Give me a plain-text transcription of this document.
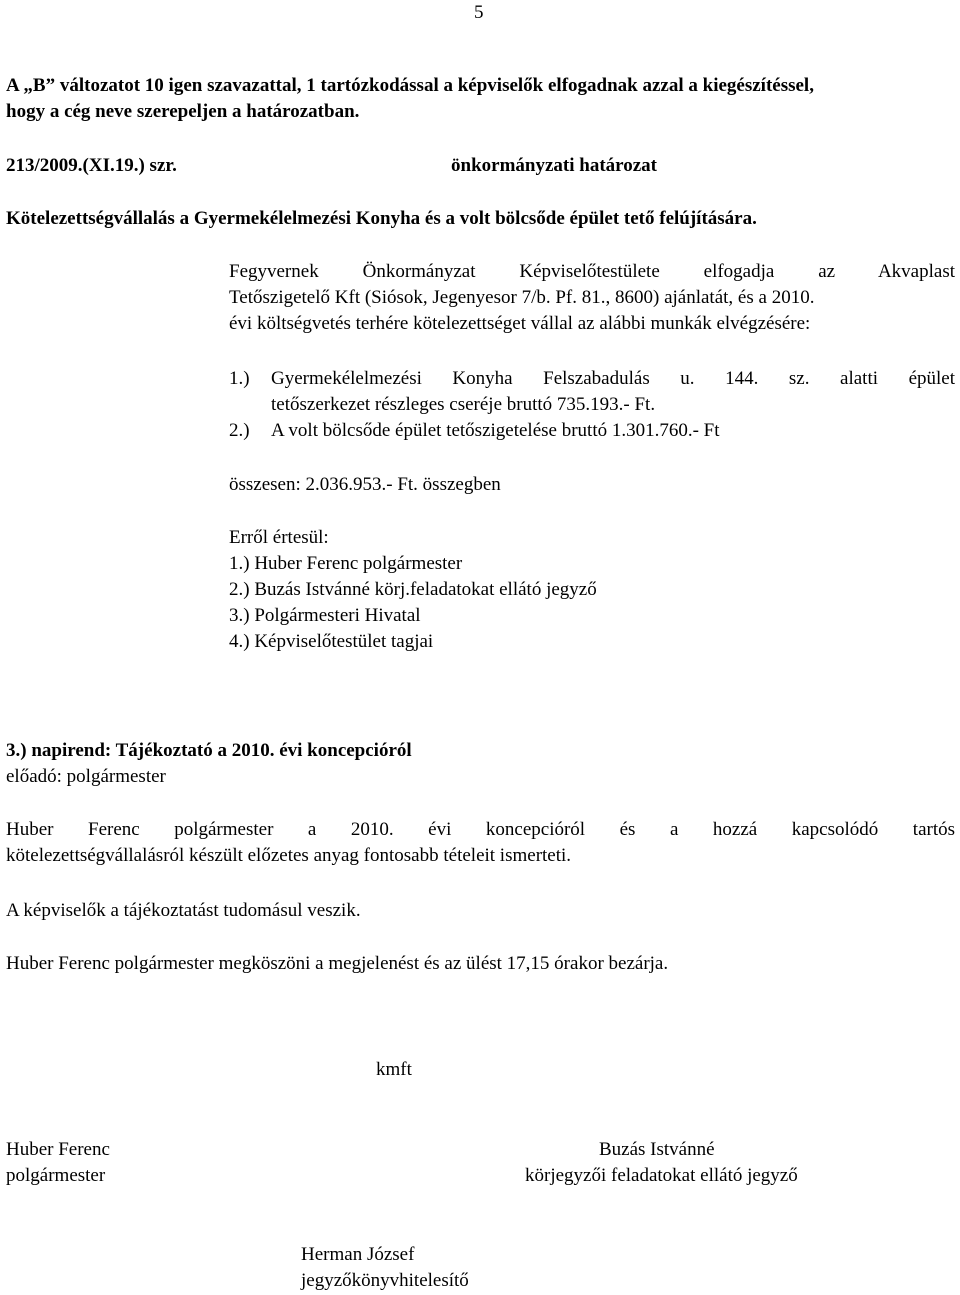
5
A „B” változatot 10 igen szavazattal, 1 tartózkodással a képviselők elfogadnak azzal a kiegészítéssel,
hogy a cég neve szerepeljen a határozatban.
213/2009.(XI.19.) szr.	önkormányzati határozat
Kötelezettségvállalás a Gyermekélelmezési Konyha és a volt bölcsőde épület tető felújítására.
Fegyvernek Önkormányzat Képviselőtestülete elfogadja az Akvaplast
Tetőszigetelő Kft (Siósok, Jegenyesor 7/b. Pf. 81., 8600) ajánlatát, és a 2010.
évi költségvetés terhére kötelezettséget vállal az alábbi munkák elvégzésére:
1.) Gyermekélelmezési Konyha Felszabadulás u. 144. sz. alatti épület
tetőszerkezet részleges cseréje bruttó 735.193.- Ft.
2.) A volt bölcsőde épület tetőszigetelése bruttó 1.301.760.- Ft
összesen: 2.036.953.- Ft. összegben
Erről értesül:
1.) Huber Ferenc polgármester
2.) Buzás Istvánné körj.feladatokat ellátó jegyző
3.) Polgármesteri Hivatal
4.) Képviselőtestület tagjai
3.) napirend: Tájékoztató a 2010. évi koncepcióról
előadó: polgármester
Huber Ferenc polgármester a 2010. évi koncepcióról és a hozzá kapcsolódó tartós
kötelezettségvállalásról készült előzetes anyag fontosabb tételeit ismerteti.
A képviselők a tájékoztatást tudomásul veszik.
Huber Ferenc polgármester megköszöni a megjelenést és az ülést 17,15 órakor bezárja.
kmft
Huber Ferenc
polgármester
Buzás Istvánné
körjegyzői feladatokat ellátó jegyző
Herman József
jegyzőkönyvhitelesítő
